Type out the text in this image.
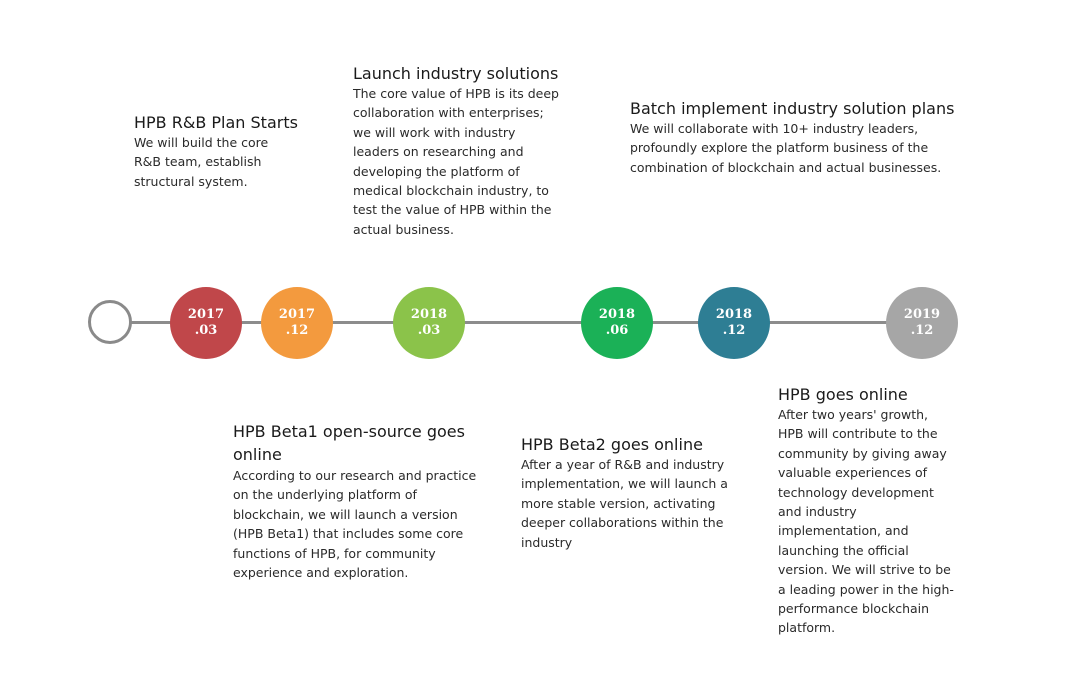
2017
.03
2017
.12
2018
.03
2018
.06
2018
.12
2019
.12
HPB R&B Plan Starts

We will build the core
R&B team, establish
structural system.

HPB Beta1 open-source goes online

According to our research and practice
on the underlying platform of
blockchain, we will launch a version
(HPB Beta1) that includes some core
functions of HPB, for community
experience and exploration.

Launch industry solutions

The core value of HPB is its deep
collaboration with enterprises;
we will work with industry
leaders on researching and
developing the platform of
medical blockchain industry, to
test the value of HPB within the
actual business.

HPB Beta2 goes online

After a year of R&B and industry
implementation, we will launch a
more stable version, activating
deeper collaborations within the
industry

Batch implement industry solution plans

We will collaborate with 10+ industry leaders,
profoundly explore the platform business of the
combination of blockchain and actual businesses.

HPB goes online

After two years' growth,
HPB will contribute to the
community by giving away
valuable experiences of
technology development
and industry
implementation, and
launching the official
version. We will strive to be
a leading power in the high-
performance blockchain
platform.
